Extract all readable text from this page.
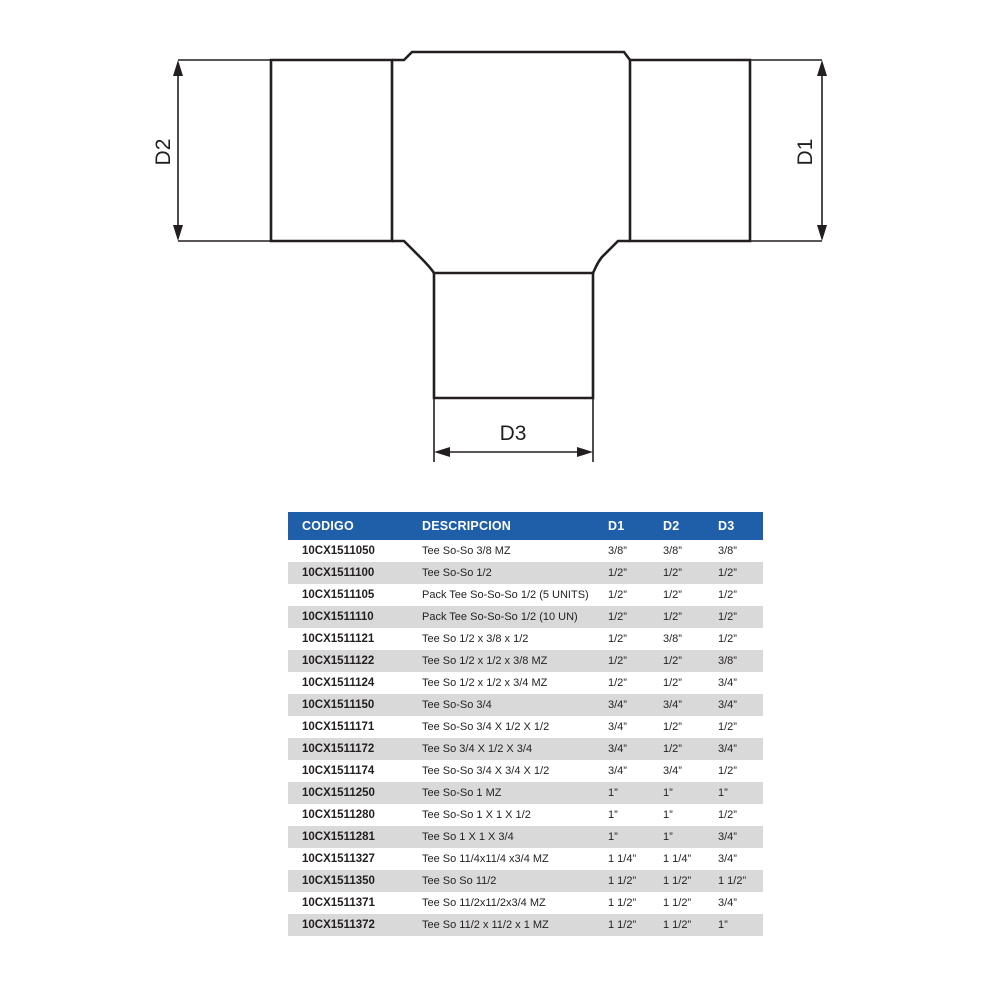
D2	D1
D3
CODIGO	DESCRIPCION	D1	D2	D3
10CX1511050	Tee So-So 3/8 MZ	3/8”	3/8”	3/8”
10CX1511100	Tee So-So 1/2	1/2”	1/2”	1/2”
10CX1511105	Pack Tee So-So-So 1/2 (5 UNITS)	1/2”	1/2”	1/2”
10CX1511110	Pack Tee So-So-So 1/2 (10 UN)	1/2”	1/2”	1/2”
10CX1511121	Tee So 1/2 x 3/8 x 1/2	1/2”	3/8”	1/2”
10CX1511122	Tee So 1/2 x 1/2 x 3/8 MZ	1/2”	1/2”	3/8”
10CX1511124	Tee So 1/2 x 1/2 x 3/4 MZ	1/2”	1/2”	3/4”
10CX1511150	Tee So-So 3/4	3/4”	3/4”	3/4”
10CX1511171	Tee So-So 3/4 X 1/2 X 1/2	3/4”	1/2”	1/2”
10CX1511172	Tee So 3/4 X 1/2 X 3/4	3/4”	1/2”	3/4”
10CX1511174	Tee So-So 3/4 X 3/4 X 1/2	3/4”	3/4”	1/2”
10CX1511250	Tee So-So 1 MZ	1”	1”	1”
10CX1511280	Tee So-So 1 X 1 X 1/2	1”	1”	1/2”
10CX1511281	Tee So 1 X 1 X 3/4	1”	1”	3/4”
10CX1511327	Tee So 11/4x11/4 x3/4 MZ	1 1/4”	1 1/4”	3/4”
10CX1511350	Tee So So 11/2	1 1/2”	1 1/2”	1 1/2”
10CX1511371	Tee So 11/2x11/2x3/4 MZ	1 1/2”	1 1/2”	3/4”
10CX1511372	Tee So 11/2 x 11/2 x 1 MZ	1 1/2”	1 1/2”	1”
